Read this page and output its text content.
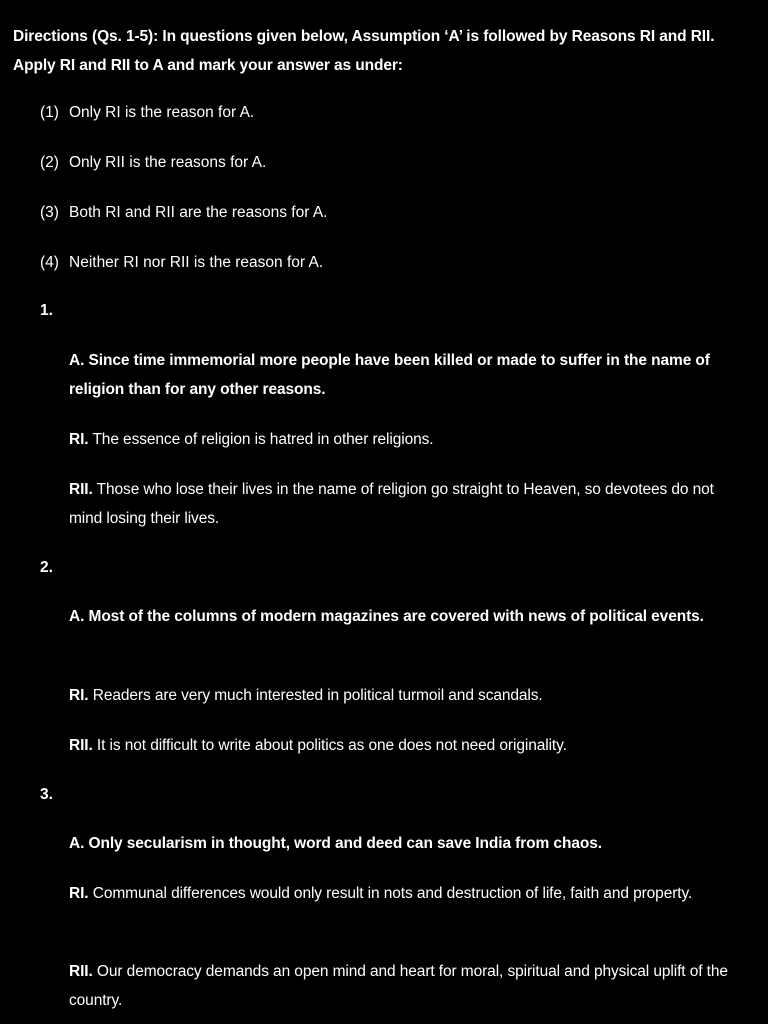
Directions (Qs. 1-5): In questions given below, Assumption ‘A’ is followed by Reasons RI and RII. Apply RI and RII to A and mark your answer as under:
(1) Only RI is the reason for A.
(2) Only RII is the reasons for A.
(3) Both RI and RII are the reasons for A.
(4) Neither RI nor RII is the reason for A.
1.
A. Since time immemorial more people have been killed or made to suffer in the name of religion than for any other reasons.
RI. The essence of religion is hatred in other religions.
RII. Those who lose their lives in the name of religion go straight to Heaven, so devotees do not mind losing their lives.
2.
A. Most of the columns of modern magazines are covered with news of political events.
RI. Readers are very much interested in political turmoil and scandals.
RII. It is not difficult to write about politics as one does not need originality.
3.
A. Only secularism in thought, word and deed can save India from chaos.
RI. Communal differences would only result in nots and destruction of life, faith and property.
RII. Our democracy demands an open mind and heart for moral, spiritual and physical uplift of the country.
